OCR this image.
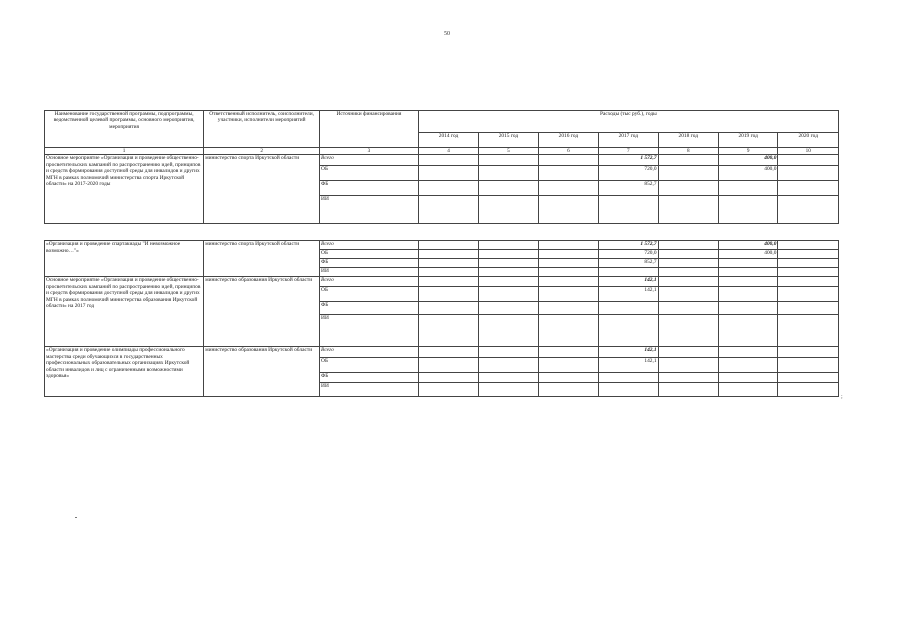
50
Наименование государственной программы, подпрограммы, ведомственной целевой программы, основного мероприятия, мероприятия	Ответственный исполнитель, соисполнители, участники, исполнители мероприятий	Источники финансирования	Расходы (тыс руб.), годы						
			2014 год	2015 год	2016 год	2017 год	2018 год	2019 год	2020 год
1	2	3	4	5	6	7	8	9	10
Основное мероприятие «Организация и проведение общественно-просветительских кампаний по распространению идей, принципов и средств формирования доступной среды для инвалидов и других МГН в рамках полномочий министерства спорта Иркутской области» на 2017-2020 годы	министерство спорта Иркутской области	Всего				1 572,7		400,0	
		ОБ				720,0		400,0	
		ФБ				852,7			
		ИИ							

«Организация и проведение спартакиады "И невозможное возможно…"»	министерство спорта Иркутской области	Всего				1 572,7		400,0	
		ОБ				720,0		400,0	
		ФБ				852,7			
		ИИ							
Основное мероприятие «Организация и проведение общественно-просветительских кампаний по распространению идей, принципов и средств формирования доступной среды для инвалидов и других МГН в рамках полномочий министерства образования Иркутской области» на 2017 год	министерство образования Иркутской области	Всего				142,1			
		ОБ				142,1			
		ФБ							
		ИИ							
«Организация и проведение олимпиады профессионального мастерства среди обучающихся в государственных профессиональных образовательных организациях Иркутской области инвалидов и лиц с ограниченными возможностями здоровья»	министерство образования Иркутской области	Всего				142,1			
		ОБ				142,1			
		ФБ							
		ИИ							
;
